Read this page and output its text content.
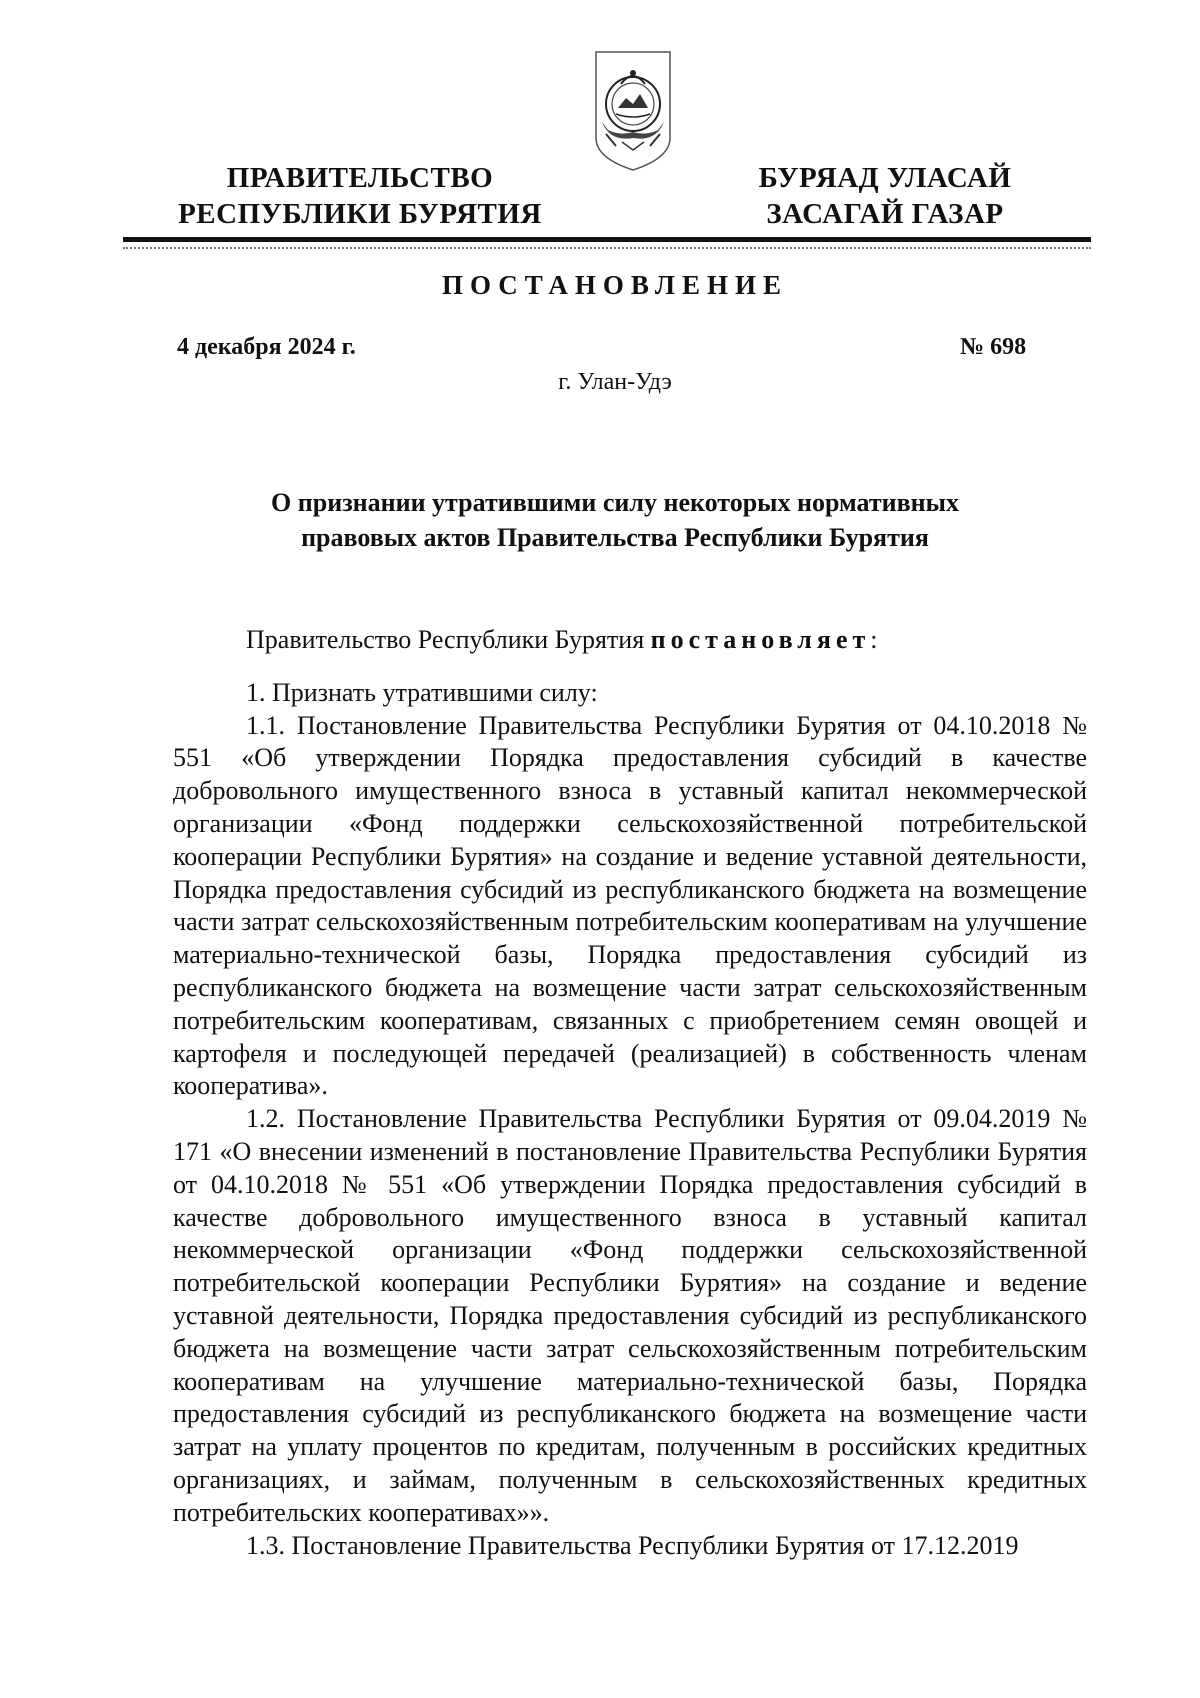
ПРАВИТЕЛЬСТВО
РЕСПУБЛИКИ БУРЯТИЯ
БУРЯАД УЛАСАЙ
ЗАСАГАЙ ГАЗАР
ПОСТАНОВЛЕНИЕ
4 декабря 2024 г.	№ 698
г. Улан-Удэ
О признании утратившими силу некоторых нормативных
правовых актов Правительства Республики Бурятия

Правительство Республики Бурятия постановляет:

1. Признать утратившими силу:

1.1. Постановление Правительства Республики Бурятия от 04.10.2018 № 551 «Об утверждении Порядка предоставления субсидий в качестве добровольного имущественного взноса в уставный капитал некоммерческой организации «Фонд поддержки сельскохозяйственной потребительской кооперации Республики Бурятия» на создание и ведение уставной деятельности, Порядка предоставления субсидий из республиканского бюджета на возмещение части затрат сельскохозяйственным потребительским кооперативам на улучшение материально-технической базы, Порядка предоставления субсидий из республиканского бюджета на возмещение части затрат сельскохозяйственным потребительским кооперативам, связанных с приобретением семян овощей и картофеля и последующей передачей (реализацией) в собственность членам кооператива».

1.2. Постановление Правительства Республики Бурятия от 09.04.2019 № 171 «О внесении изменений в постановление Правительства Республики Бурятия от 04.10.2018 № 551 «Об утверждении Порядка предоставления субсидий в качестве добровольного имущественного взноса в уставный капитал некоммерческой организации «Фонд поддержки сельскохозяйственной потребительской кооперации Республики Бурятия» на создание и ведение уставной деятельности, Порядка предоставления субсидий из республиканского бюджета на возмещение части затрат сельскохозяйственным потребительским кооперативам на улучшение материально-технической базы, Порядка предоставления субсидий из республиканского бюджета на возмещение части затрат на уплату процентов по кредитам, полученным в российских кредитных организациях, и займам, полученным в сельскохозяйственных кредитных потребительских кооперативах»».

1.3. Постановление Правительства Республики Бурятия от 17.12.2019
